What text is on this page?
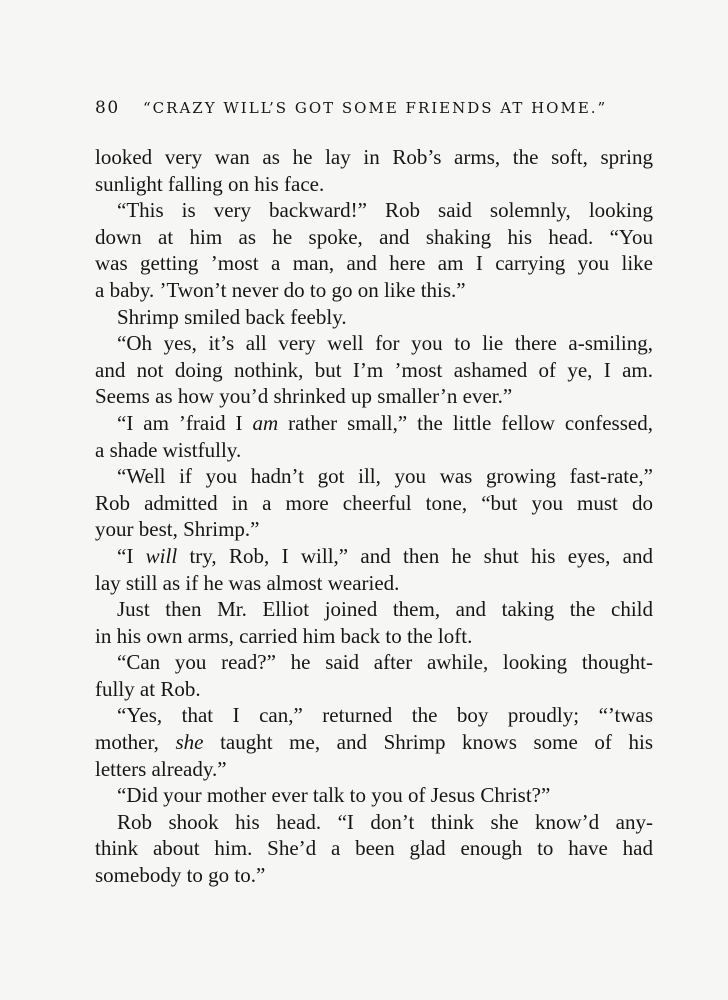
80 “CRAZY WILL’S GOT SOME FRIENDS AT HOME.”
looked very wan as he lay in Rob’s arms, the soft, spring
sunlight falling on his face.
“This is very backward!” Rob said solemnly, looking
down at him as he spoke, and shaking his head. “You
was getting ’most a man, and here am I carrying you like
a baby. ’Twon’t never do to go on like this.”
Shrimp smiled back feebly.
“Oh yes, it’s all very well for you to lie there a-smiling,
and not doing nothink, but I’m ’most ashamed of ye, I am.
Seems as how you’d shrinked up smaller’n ever.”
“I am ’fraid I am rather small,” the little fellow confessed,
a shade wistfully.
“Well if you hadn’t got ill, you was growing fast-rate,”
Rob admitted in a more cheerful tone, “but you must do
your best, Shrimp.”
“I will try, Rob, I will,” and then he shut his eyes, and
lay still as if he was almost wearied.
Just then Mr. Elliot joined them, and taking the child
in his own arms, carried him back to the loft.
“Can you read?” he said after awhile, looking thought-
fully at Rob.
“Yes, that I can,” returned the boy proudly; “’twas
mother, she taught me, and Shrimp knows some of his
letters already.”
“Did your mother ever talk to you of Jesus Christ?”
Rob shook his head. “I don’t think she know’d any-
think about him. She’d a been glad enough to have had
somebody to go to.”
